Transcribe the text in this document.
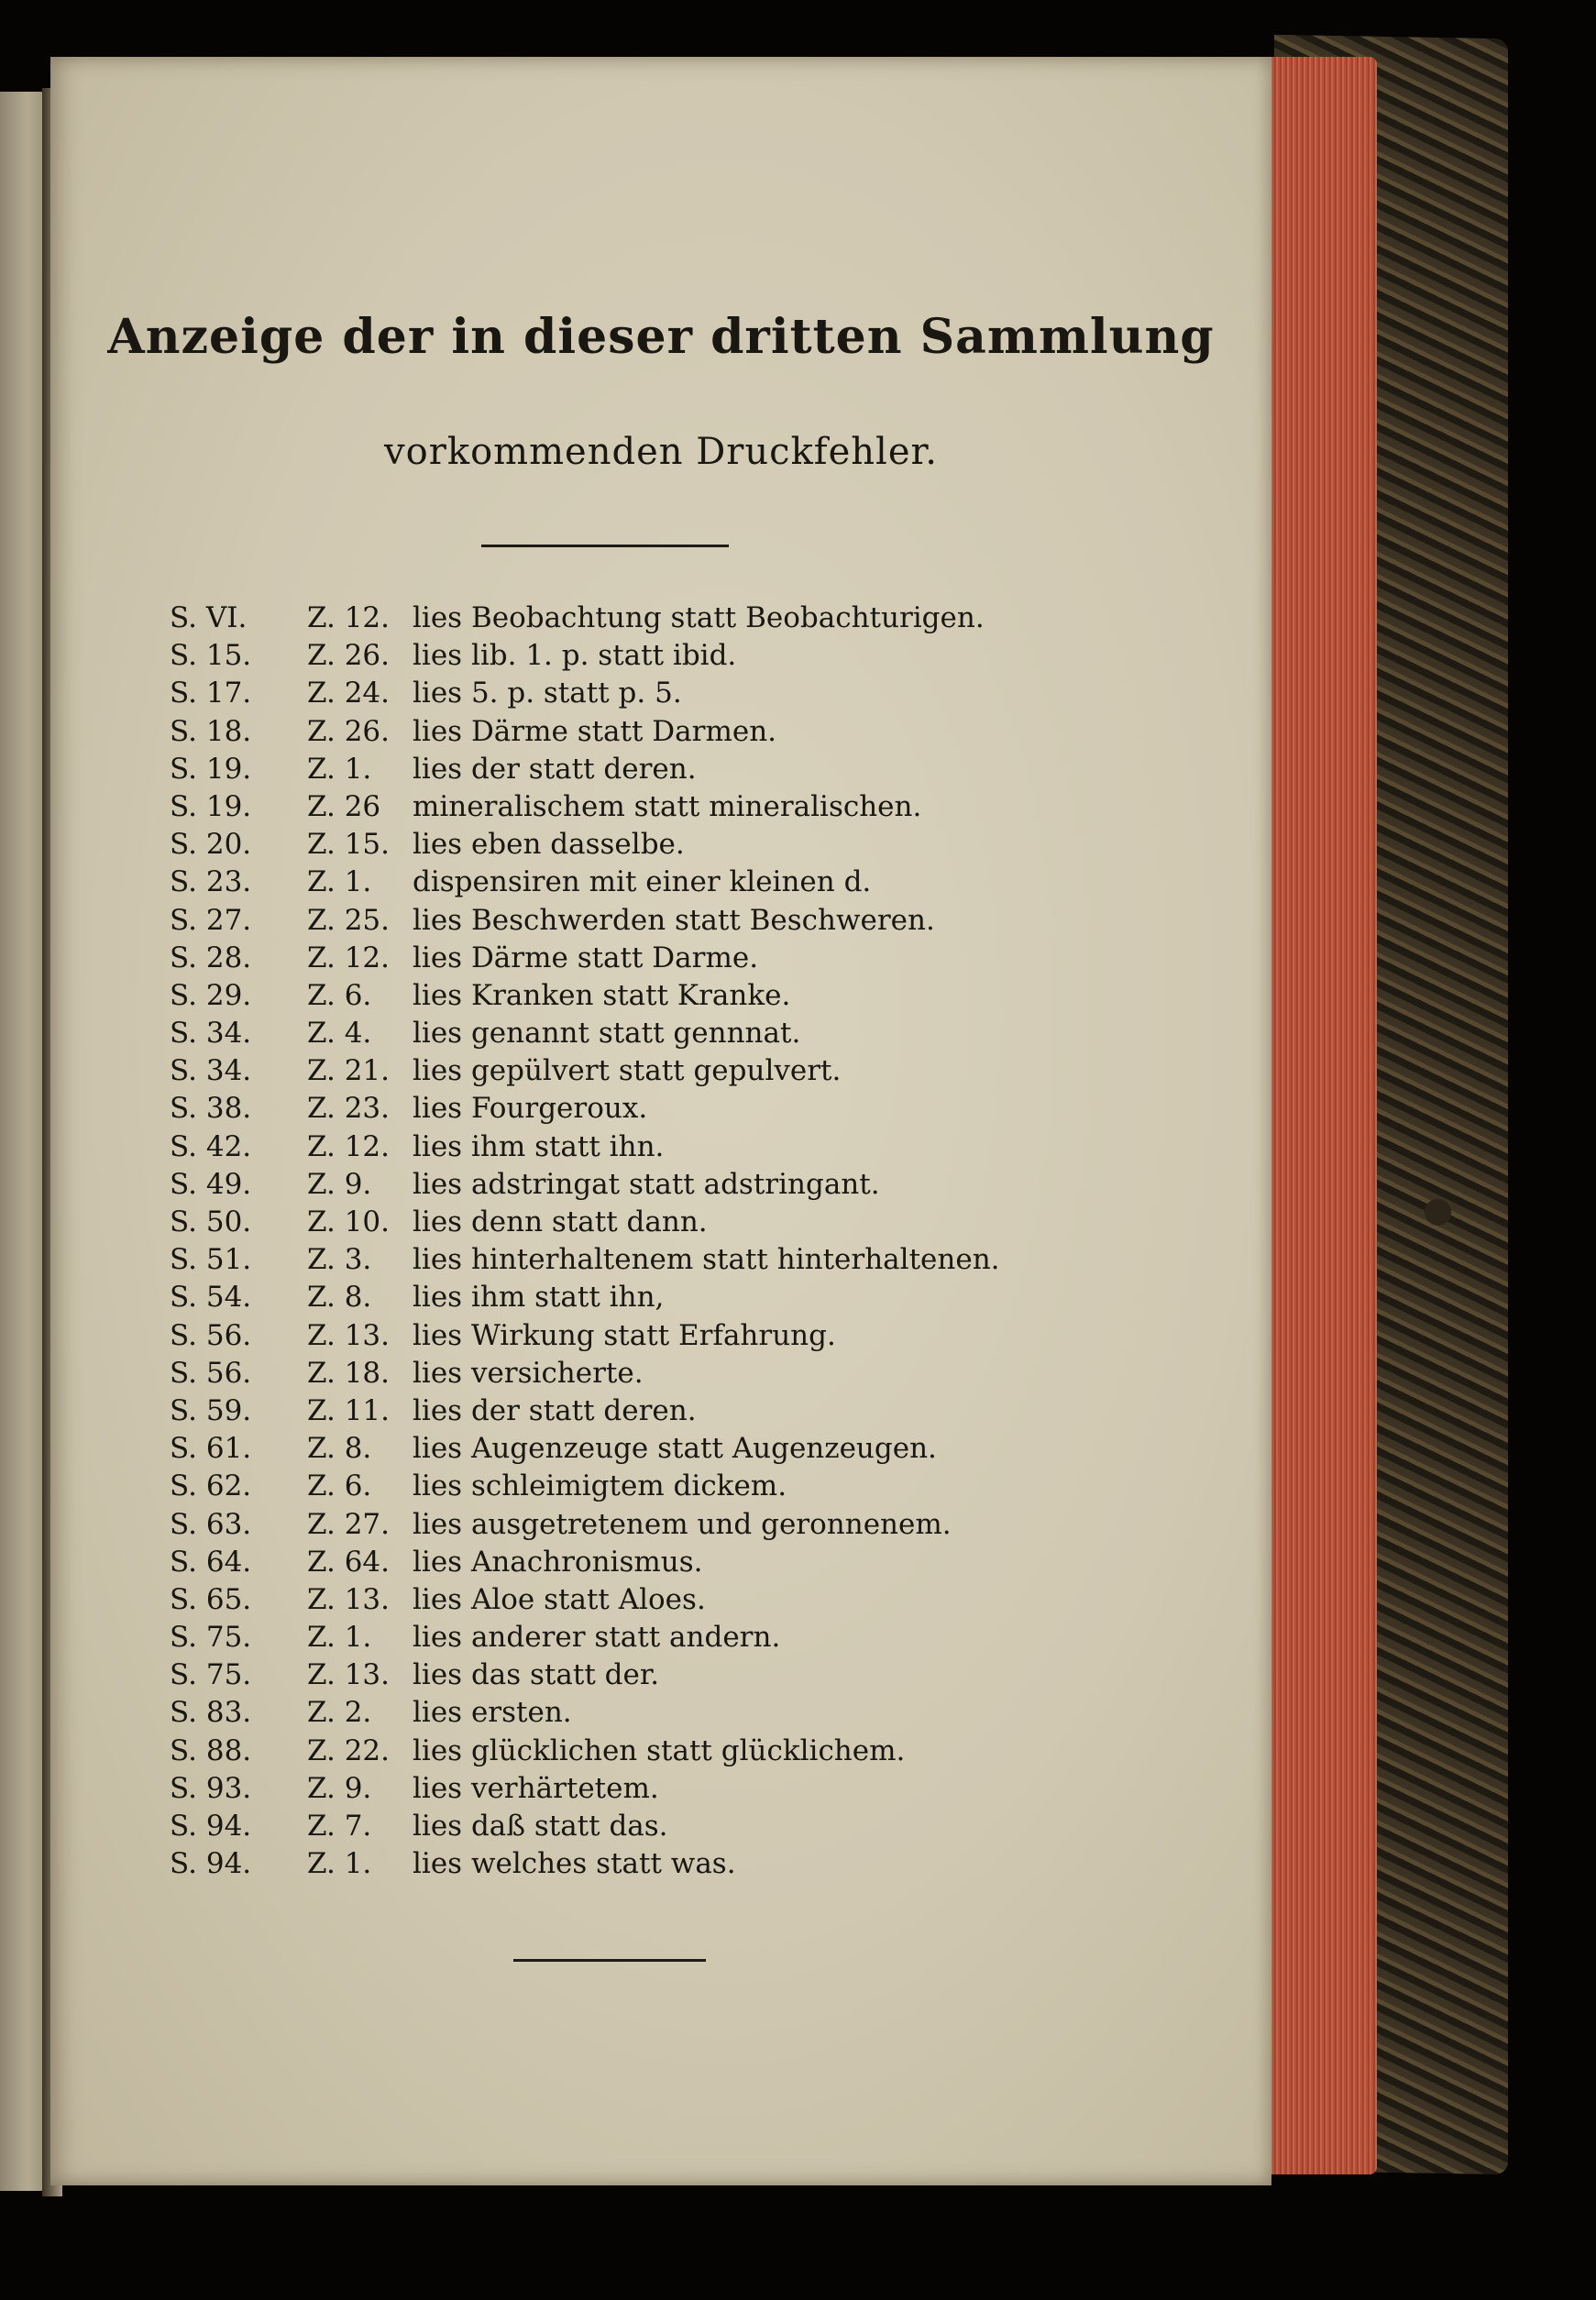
Anzeige der in dieser dritten Sammlung
vorkommenden Druckfehler.
S. VI. Z. 12. lies Beobachtung statt Beobachturigen.
S. 15. Z. 26. lies lib. 1. p. statt ibid.
S. 17. Z. 24. lies 5. p. statt p. 5.
S. 18. Z. 26. lies Därme statt Darmen.
S. 19. Z. 1. lies der statt deren.
S. 19. Z. 26 mineralischem statt mineralischen.
S. 20. Z. 15. lies eben dasselbe.
S. 23. Z. 1. dispensiren mit einer kleinen d.
S. 27. Z. 25. lies Beschwerden statt Beschweren.
S. 28. Z. 12. lies Därme statt Darme.
S. 29. Z. 6. lies Kranken statt Kranke.
S. 34. Z. 4. lies genannt statt gennnat.
S. 34. Z. 21. lies gepülvert statt gepulvert.
S. 38. Z. 23. lies Fourgeroux.
S. 42. Z. 12. lies ihm statt ihn.
S. 49. Z. 9. lies adstringat statt adstringant.
S. 50. Z. 10. lies denn statt dann.
S. 51. Z. 3. lies hinterhaltenem statt hinterhaltenen.
S. 54. Z. 8. lies ihm statt ihn,
S. 56. Z. 13. lies Wirkung statt Erfahrung.
S. 56. Z. 18. lies versicherte.
S. 59. Z. 11. lies der statt deren.
S. 61. Z. 8. lies Augenzeuge statt Augenzeugen.
S. 62. Z. 6. lies schleimigtem dickem.
S. 63. Z. 27. lies ausgetretenem und geronnenem.
S. 64. Z. 64. lies Anachronismus.
S. 65. Z. 13. lies Aloe statt Aloes.
S. 75. Z. 1. lies anderer statt andern.
S. 75. Z. 13. lies das statt der.
S. 83. Z. 2. lies ersten.
S. 88. Z. 22. lies glücklichen statt glücklichem.
S. 93. Z. 9. lies verhärtetem.
S. 94. Z. 7. lies daß statt das.
S. 94. Z. 1. lies welches statt was.
